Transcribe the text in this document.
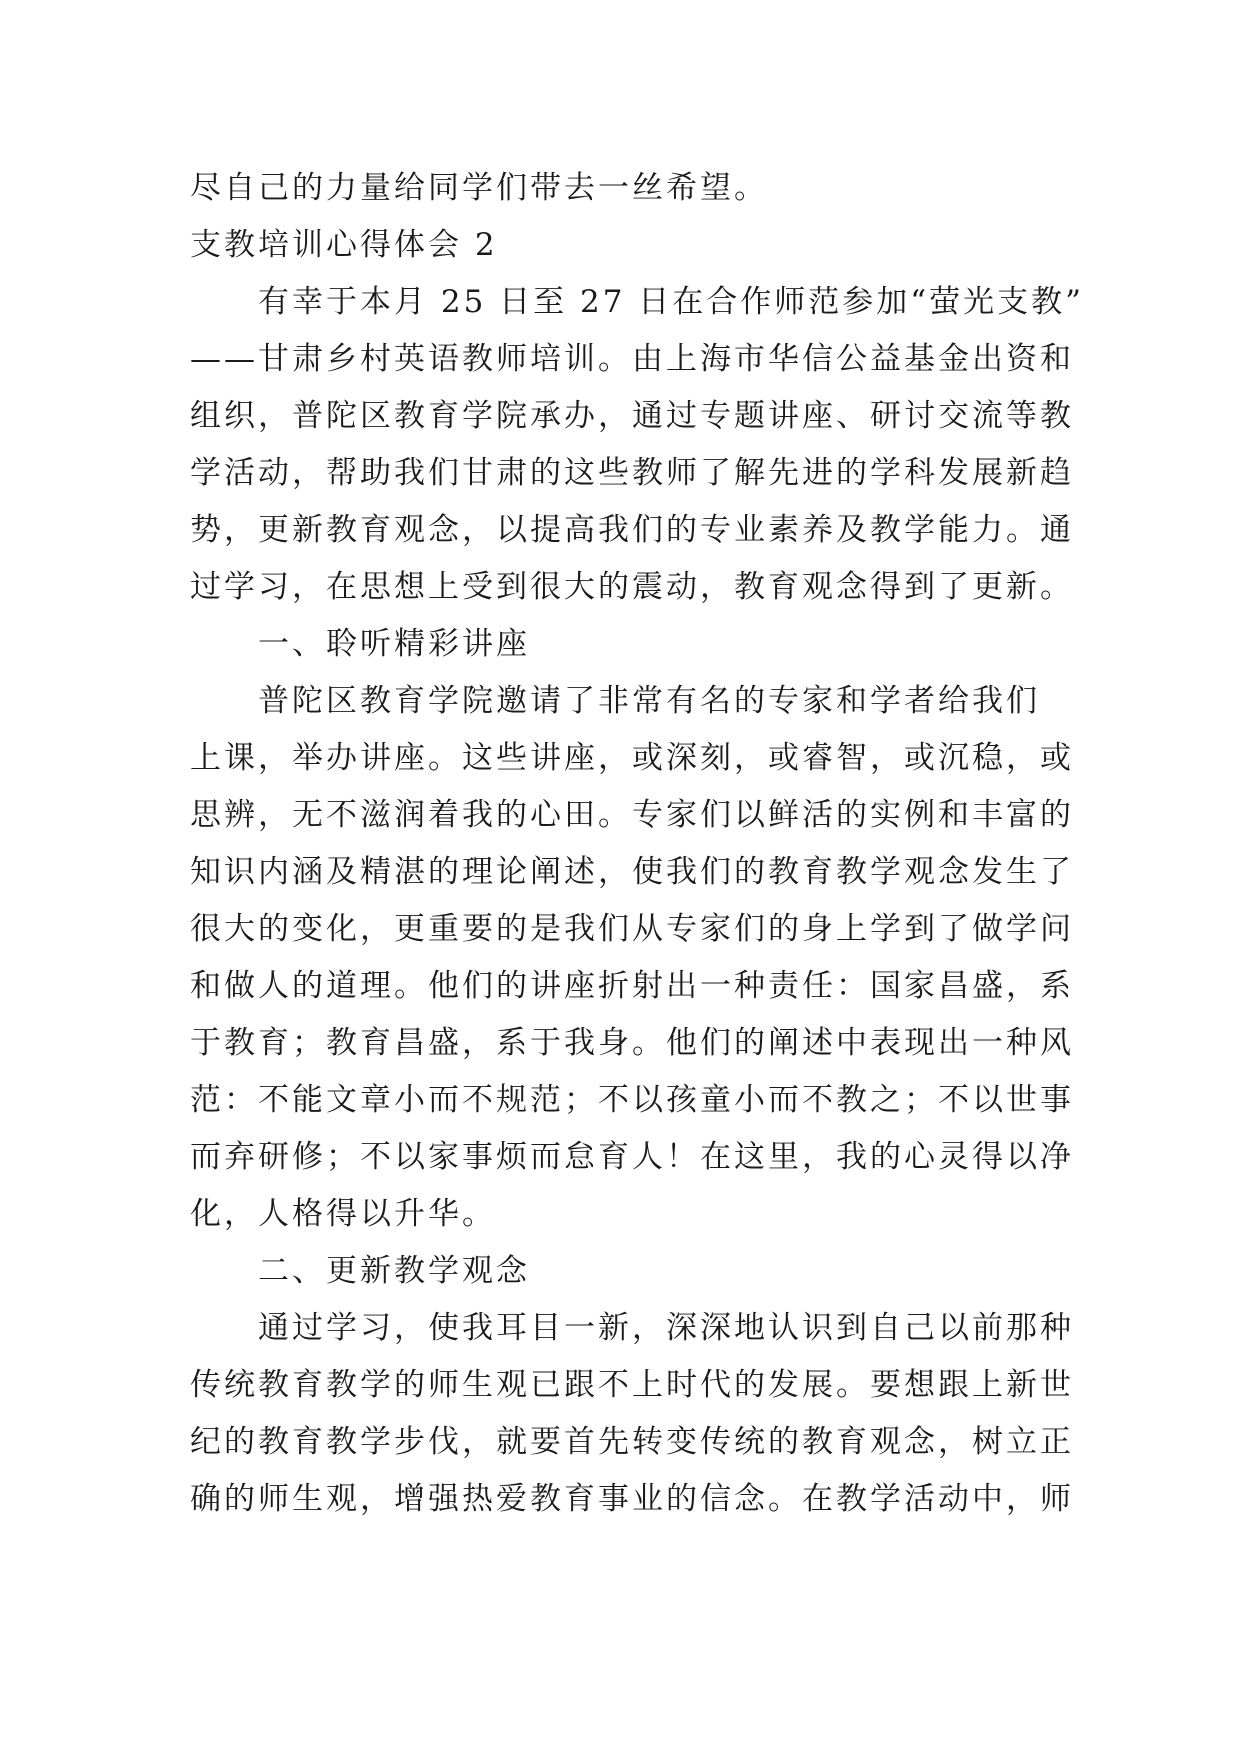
尽自己的力量给同学们带去一丝希望。
支教培训心得体会 2
有幸于本月 25 日至 27 日在合作师范参加“萤光支教”
——甘肃乡村英语教师培训。由上海市华信公益基金出资和
组织，普陀区教育学院承办，通过专题讲座、研讨交流等教
学活动，帮助我们甘肃的这些教师了解先进的学科发展新趋
势，更新教育观念，以提高我们的专业素养及教学能力。通
过学习，在思想上受到很大的震动，教育观念得到了更新。
一、聆听精彩讲座
普陀区教育学院邀请了非常有名的专家和学者给我们
上课，举办讲座。这些讲座，或深刻，或睿智，或沉稳，或
思辨，无不滋润着我的心田。专家们以鲜活的实例和丰富的
知识内涵及精湛的理论阐述，使我们的教育教学观念发生了
很大的变化，更重要的是我们从专家们的身上学到了做学问
和做人的道理。他们的讲座折射出一种责任：国家昌盛，系
于教育；教育昌盛，系于我身。他们的阐述中表现出一种风
范：不能文章小而不规范；不以孩童小而不教之；不以世事
而弃研修；不以家事烦而怠育人！在这里，我的心灵得以净
化，人格得以升华。
二、更新教学观念
通过学习，使我耳目一新，深深地认识到自己以前那种
传统教育教学的师生观已跟不上时代的发展。要想跟上新世
纪的教育教学步伐，就要首先转变传统的教育观念，树立正
确的师生观，增强热爱教育事业的信念。在教学活动中，师
